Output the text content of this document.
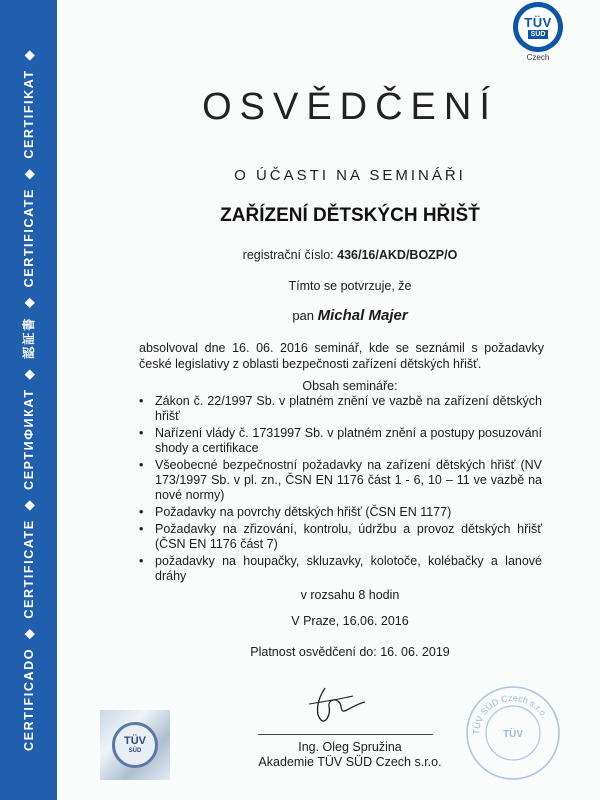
CERTIFICADO ◆ CERTIFICATE ◆ СЕРТИФИКАТ ◆ 認証書 ◆ CERTIFICATE ◆ CERTIFIKAT ◆
TÜV
SÜD
Czech
OSVĚDČENÍ
O ÚČASTI NA SEMINÁŘI
ZAŘÍZENÍ DĚTSKÝCH HŘIŠŤ
registrační číslo: 436/16/AKD/BOZP/O
Tímto se potvrzuje, že
pan Michal Majer
absolvoval dne 16. 06. 2016 seminář, kde se seznámil s požadavky české legislativy z oblasti bezpečnosti zařízení dětských hřišť.
Obsah semináře:
• Zákon č. 22/1997 Sb. v platném znění ve vazbě na zařízení dětských hřišť
• Nařízení vlády č. 1731997 Sb. v platném znění a postupy posuzování shody a certifikace
• Všeobecné bezpečnostní požadavky na zařízení dětských hřišť (NV 173/1997 Sb. v pl. zn., ČSN EN 1176 část 1 - 6, 10 – 11 ve vazbě na nové normy)
• Požadavky na povrchy dětských hřišť (ČSN EN 1177)
• Požadavky na zřizování, kontrolu, údržbu a provoz dětských hřišť (ČSN EN 1176 část 7)
• požadavky na houpačky, skluzavky, kolotoče, kolébačky a lanové dráhy
v rozsahu 8 hodin
V Praze, 16.06. 2016
Platnost osvědčení do: 16. 06. 2019
Ing. Oleg Spružina
Akademie TÜV SÜD Czech s.r.o.
TÜV
SÜD
TÜV SÜD Czech s.r.o.
TÜV
